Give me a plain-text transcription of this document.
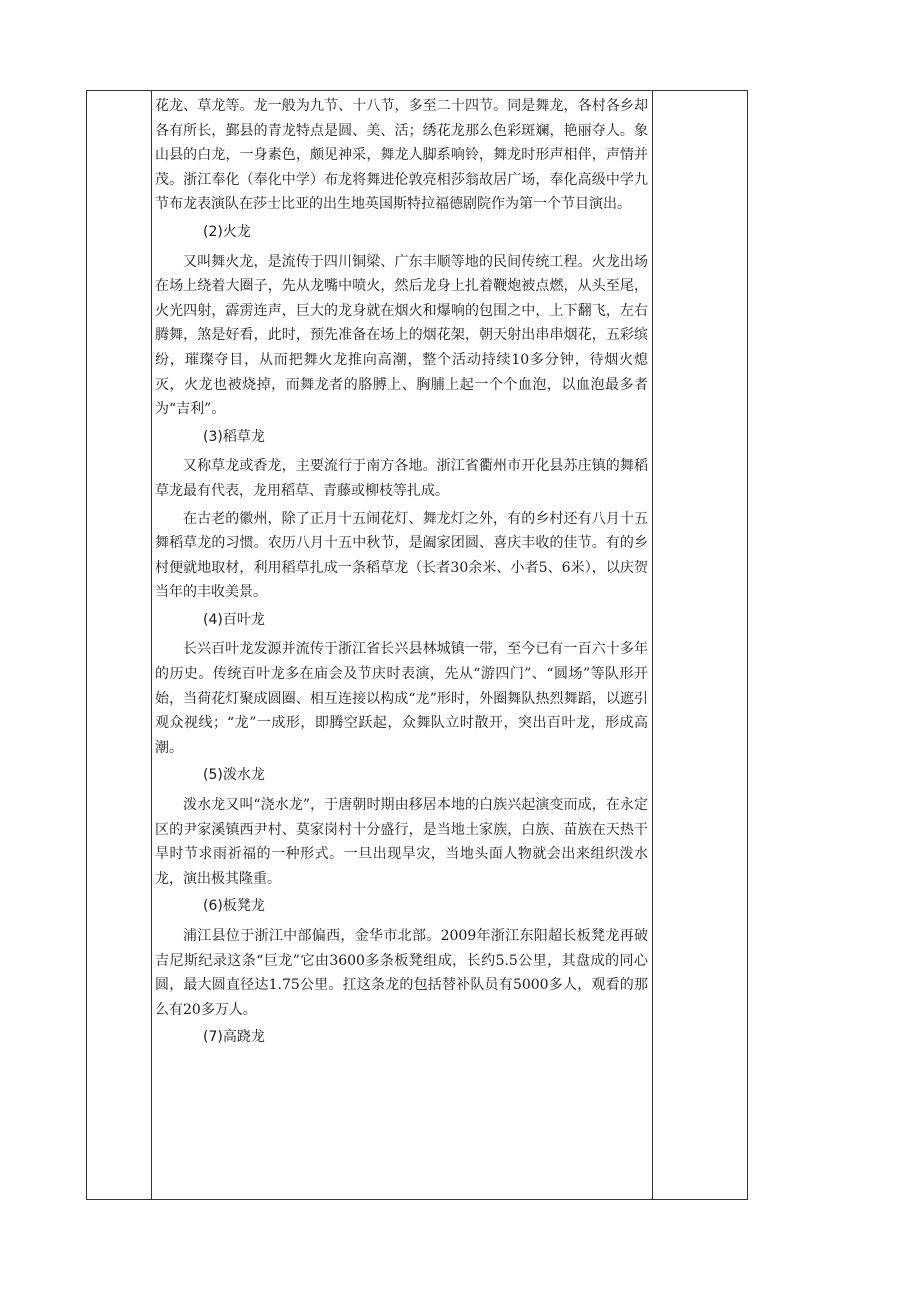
花龙、草龙等。龙一般为九节、十八节，多至二十四节。同是舞龙，各村各乡却各有所长，鄞县的青龙特点是圆、美、活；绣花龙那么色彩斑斓，艳丽夺人。象山县的白龙，一身素色，颇见神采，舞龙人脚系响铃，舞龙时形声相伴，声情并茂。浙江奉化（奉化中学）布龙将舞进伦敦亮相莎翁故居广场，奉化高级中学九节布龙表演队在莎士比亚的出生地英国斯特拉福德剧院作为第一个节目演出。

(2)火龙

又叫舞火龙，是流传于四川铜梁、广东丰顺等地的民间传统工程。火龙出场在场上绕着大圈子，先从龙嘴中喷火，然后龙身上扎着鞭炮被点燃，从头至尾，火光四射，霹雳连声，巨大的龙身就在烟火和爆响的包围之中，上下翻飞，左右腾舞，煞是好看，此时，预先准备在场上的烟花架，朝天射出串串烟花，五彩缤纷，璀璨夺目，从而把舞火龙推向高潮，整个活动持续10多分钟，待烟火熄灭，火龙也被烧掉，而舞龙者的胳膊上、胸脯上起一个个血泡，以血泡最多者为“吉利”。

(3)稻草龙

又称草龙或香龙，主要流行于南方各地。浙江省衢州市开化县苏庄镇的舞稻草龙最有代表，龙用稻草、青藤或柳枝等扎成。

在古老的徽州，除了正月十五闹花灯、舞龙灯之外，有的乡村还有八月十五舞稻草龙的习惯。农历八月十五中秋节，是阖家团圆、喜庆丰收的佳节。有的乡村便就地取材，利用稻草扎成一条稻草龙（长者30余米、小者5、6米），以庆贺当年的丰收美景。

(4)百叶龙

长兴百叶龙发源并流传于浙江省长兴县林城镇一带，至今已有一百六十多年的历史。传统百叶龙多在庙会及节庆时表演，先从“游四门”、“圆场”等队形开始，当荷花灯聚成圆圈、相互连接以构成“龙”形时，外圈舞队热烈舞蹈，以遮引观众视线；“龙”一成形，即腾空跃起，众舞队立时散开，突出百叶龙，形成高潮。

(5)泼水龙

泼水龙又叫“浇水龙”，于唐朝时期由移居本地的白族兴起演变而成，在永定区的尹家溪镇西尹村、莫家岗村十分盛行，是当地土家族，白族、苗族在天热干旱时节求雨祈福的一种形式。一旦出现旱灾，当地头面人物就会出来组织泼水龙，演出极其隆重。

(6)板凳龙

浦江县位于浙江中部偏西，金华市北部。2009年浙江东阳超长板凳龙再破吉尼斯纪录这条“巨龙”它由3600多条板凳组成，长约5.5公里，其盘成的同心圆，最大圆直径达1.75公里。扛这条龙的包括替补队员有5000多人，观看的那么有20多万人。

(7)高跷龙
